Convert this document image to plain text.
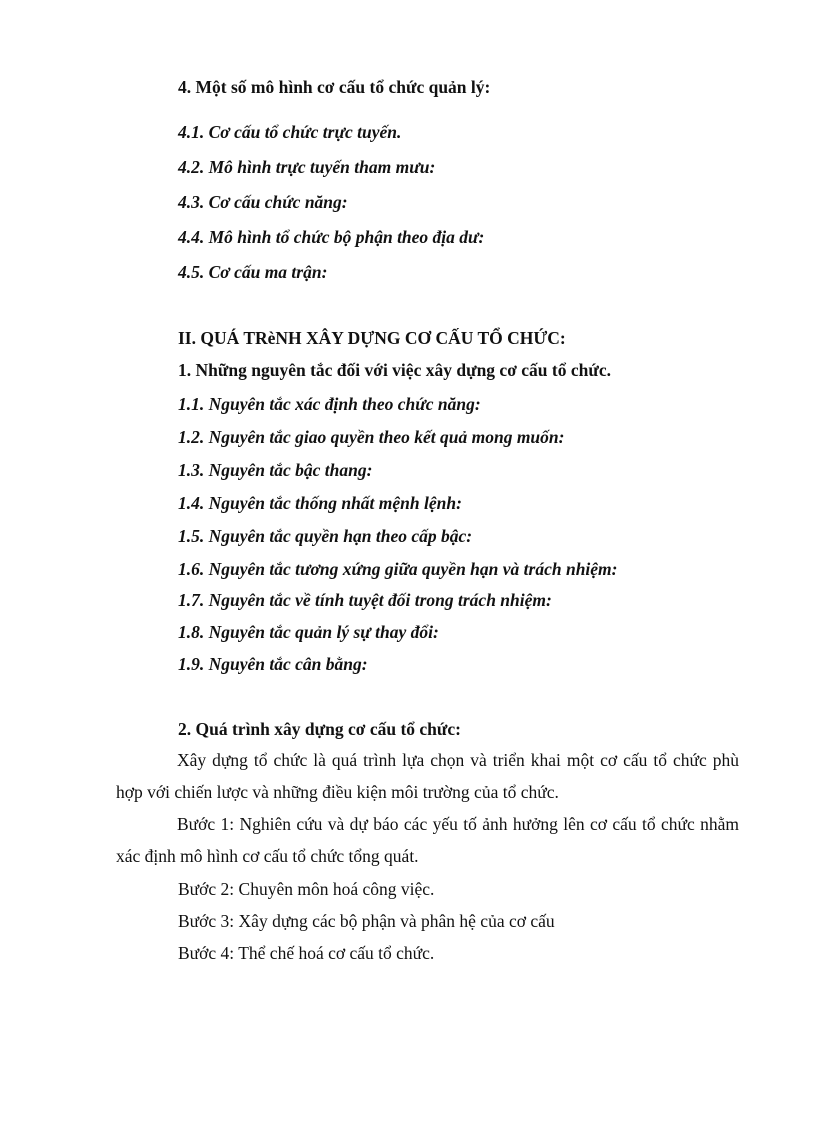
4. Một số mô hình cơ cấu tổ chức quản lý:
4.1. Cơ cấu tổ chức trực tuyến.
4.2. Mô hình trực tuyến tham mưu:
4.3. Cơ cấu chức năng:
4.4. Mô hình tổ chức bộ phận theo địa dư:
4.5. Cơ cấu ma trận:
II. QUÁ TRèNH XÂY DỰNG CƠ CẤU TỔ CHỨC:
1. Những nguyên tắc đối với việc xây dựng cơ cấu tổ chức.
1.1. Nguyên tắc xác định theo chức năng:
1.2. Nguyên tắc giao quyền theo kết quả mong muốn:
1.3. Nguyên tắc bậc thang:
1.4. Nguyên tắc thống nhất mệnh lệnh:
1.5. Nguyên tắc quyền hạn theo cấp bậc:
1.6. Nguyên tắc tương xứng giữa quyền hạn và trách nhiệm:
1.7. Nguyên tắc về tính tuyệt đối trong trách nhiệm:
1.8. Nguyên tắc quản lý sự thay đổi:
1.9. Nguyên tắc cân bằng:
2. Quá trình xây dựng cơ cấu tổ chức:
Xây dựng tổ chức là quá trình lựa chọn và triển khai một cơ cấu tổ chức phù hợp với chiến lược và những điều kiện môi trường của tổ chức.
Bước 1: Nghiên cứu và dự báo các yếu tố ảnh hưởng lên cơ cấu tổ chức nhằm xác định mô hình cơ cấu tổ chức tổng quát.
Bước 2: Chuyên môn hoá công việc.
Bước 3: Xây dựng các bộ phận và phân hệ của cơ cấu
Bước 4: Thể chế hoá cơ cấu tổ chức.
